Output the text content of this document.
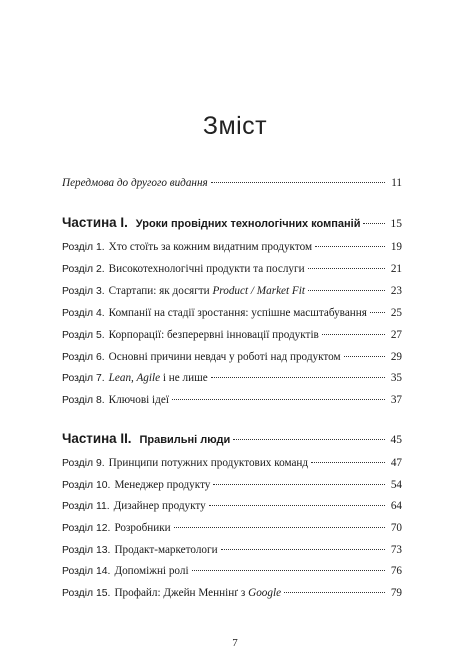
Зміст
Передмова до другого видання	11
Частина I. Уроки провідних технологічних компаній	15
Розділ 1. Хто стоїть за кожним видатним продуктом	19
Розділ 2. Високотехнологічні продукти та послуги	21
Розділ 3. Стартапи: як досягти Product / Market Fit	23
Розділ 4. Компанії на стадії зростання: успішне масштабування 25
Розділ 5. Корпорації: безперервні інновації продуктів	27
Розділ 6. Основні причини невдач у роботі над продуктом	29
Розділ 7. Lean, Agile і не лише	35
Розділ 8. Ключові ідеї	37
Частина II. Правильні люди	45
Розділ 9. Принципи потужних продуктових команд	47
Розділ 10. Менеджер продукту	54
Розділ 11. Дизайнер продукту	64
Розділ 12. Розробники	70
Розділ 13. Продакт-маркетологи	73
Розділ 14. Допоміжні ролі	76
Розділ 15. Профайл: Джейн Меннінґ з Google	79
7
